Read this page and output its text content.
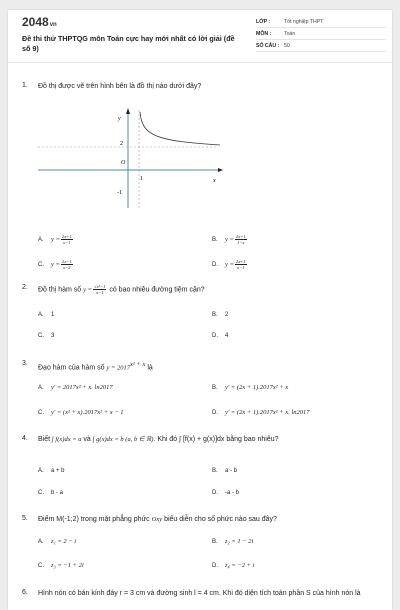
2048vn
Đề thi thử THPTQG môn Toán cực hay mới nhất có lời giải (đề số 9)
LỚP :	Tốt nghiệp THPT
MÔN :	Toán
SỐ CÂU : 50
1.	Đồ thị được vẽ trên hình bên là đồ thị nào dưới đây?
y
x
O
2
-1
1
A.	$y = \frac{2x+1}{x-1}$	B.	$y = \frac{2x+1}{1-x}$
C.	$y = \frac{2x-1}{x-2}$	D.	$y = \frac{2x+1}{x-1}$
2.	Đồ thị hàm số $y = \frac{\text{√x²−1}}{x-1}$ có bao nhiêu đường tiệm cận?
A.	1	B.	2
C.	3	D.	4
3.
Đạo hàm của hàm số $y = 2017^{x^2 + x}$ là
A.	y' = 2017 x² + x . ln2017	B.	y' = (2x + 1).2017 x² + x
C.	y' = (x² + x).2017 x² + x − 1	D.	y' = (2x + 1).2017 x² + x . ln2017
4.	Biết ∫ f(x)dx = a và ∫ g(x)dx = b (a, b ∈ ℝ). Khi đó ∫ [f(x) + g(x)]dx bằng bao nhiêu?
A.	a + b	B.	a - b
C.	b - a	D.	-a - b
5.	Điểm M(-1;2) trong mặt phẳng phức Oxy biểu diễn cho số phức nào sau đây?
A.	z₁ = 2 − i	B.	z₂ = 1 − 2i
C.	z₃ = −1 + 2i	D.	z₄ = −2 + i
6.	Hình nón có bán kính đáy r = 3 cm và đường sinh l = 4 cm. Khi đó diện tích toàn phần S của hình nón là
